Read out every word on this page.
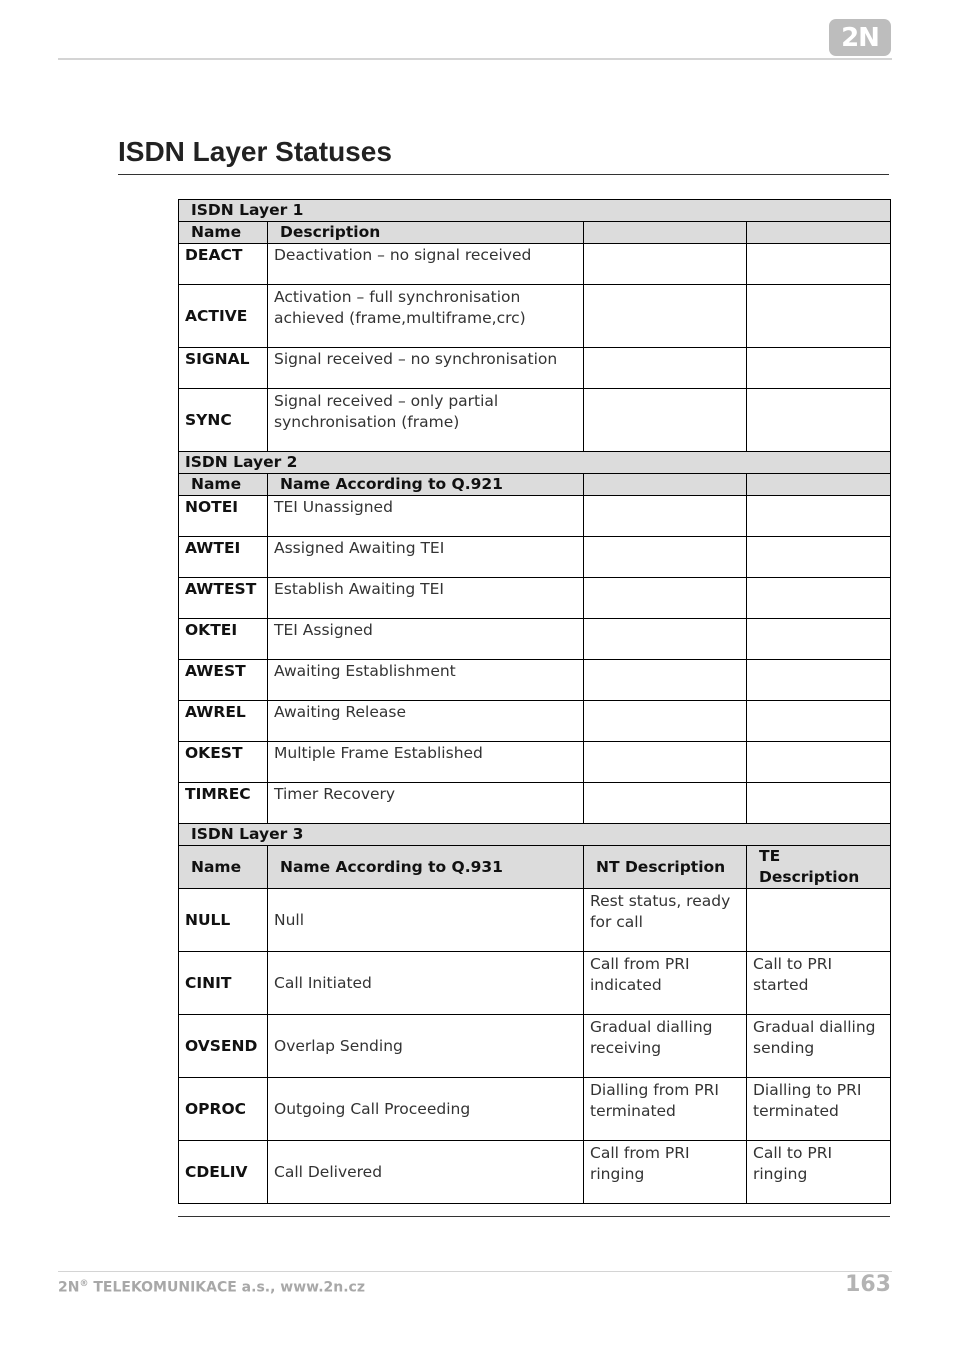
2N
ISDN Layer Statuses
ISDN Layer 1			
Name	Description		
DEACT	Deactivation – no signal received		
ACTIVE	Activation – full synchronisation achieved (frame,multiframe,crc)		
SIGNAL	Signal received – no synchronisation		
SYNC	Signal received – only partial synchronisation (frame)		
ISDN Layer 2			
Name	Name According to Q.921		
NOTEI	TEI Unassigned		
AWTEI	Assigned Awaiting TEI		
AWTEST	Establish Awaiting TEI		
OKTEI	TEI Assigned		
AWEST	Awaiting Establishment		
AWREL	Awaiting Release		
OKEST	Multiple Frame Established		
TIMREC	Timer Recovery		
ISDN Layer 3			
Name	Name According to Q.931	NT Description	TE Description
NULL	Null	Rest status, ready for call	
CINIT	Call Initiated	Call from PRI indicated	Call to PRI started
OVSEND	Overlap Sending	Gradual dialling receiving	Gradual dialling sending
OPROC	Outgoing Call Proceeding	Dialling from PRI terminated	Dialling to PRI terminated
CDELIV	Call Delivered	Call from PRI ringing	Call to PRI ringing
2N® TELEKOMUNIKACE a.s., www.2n.cz	163
